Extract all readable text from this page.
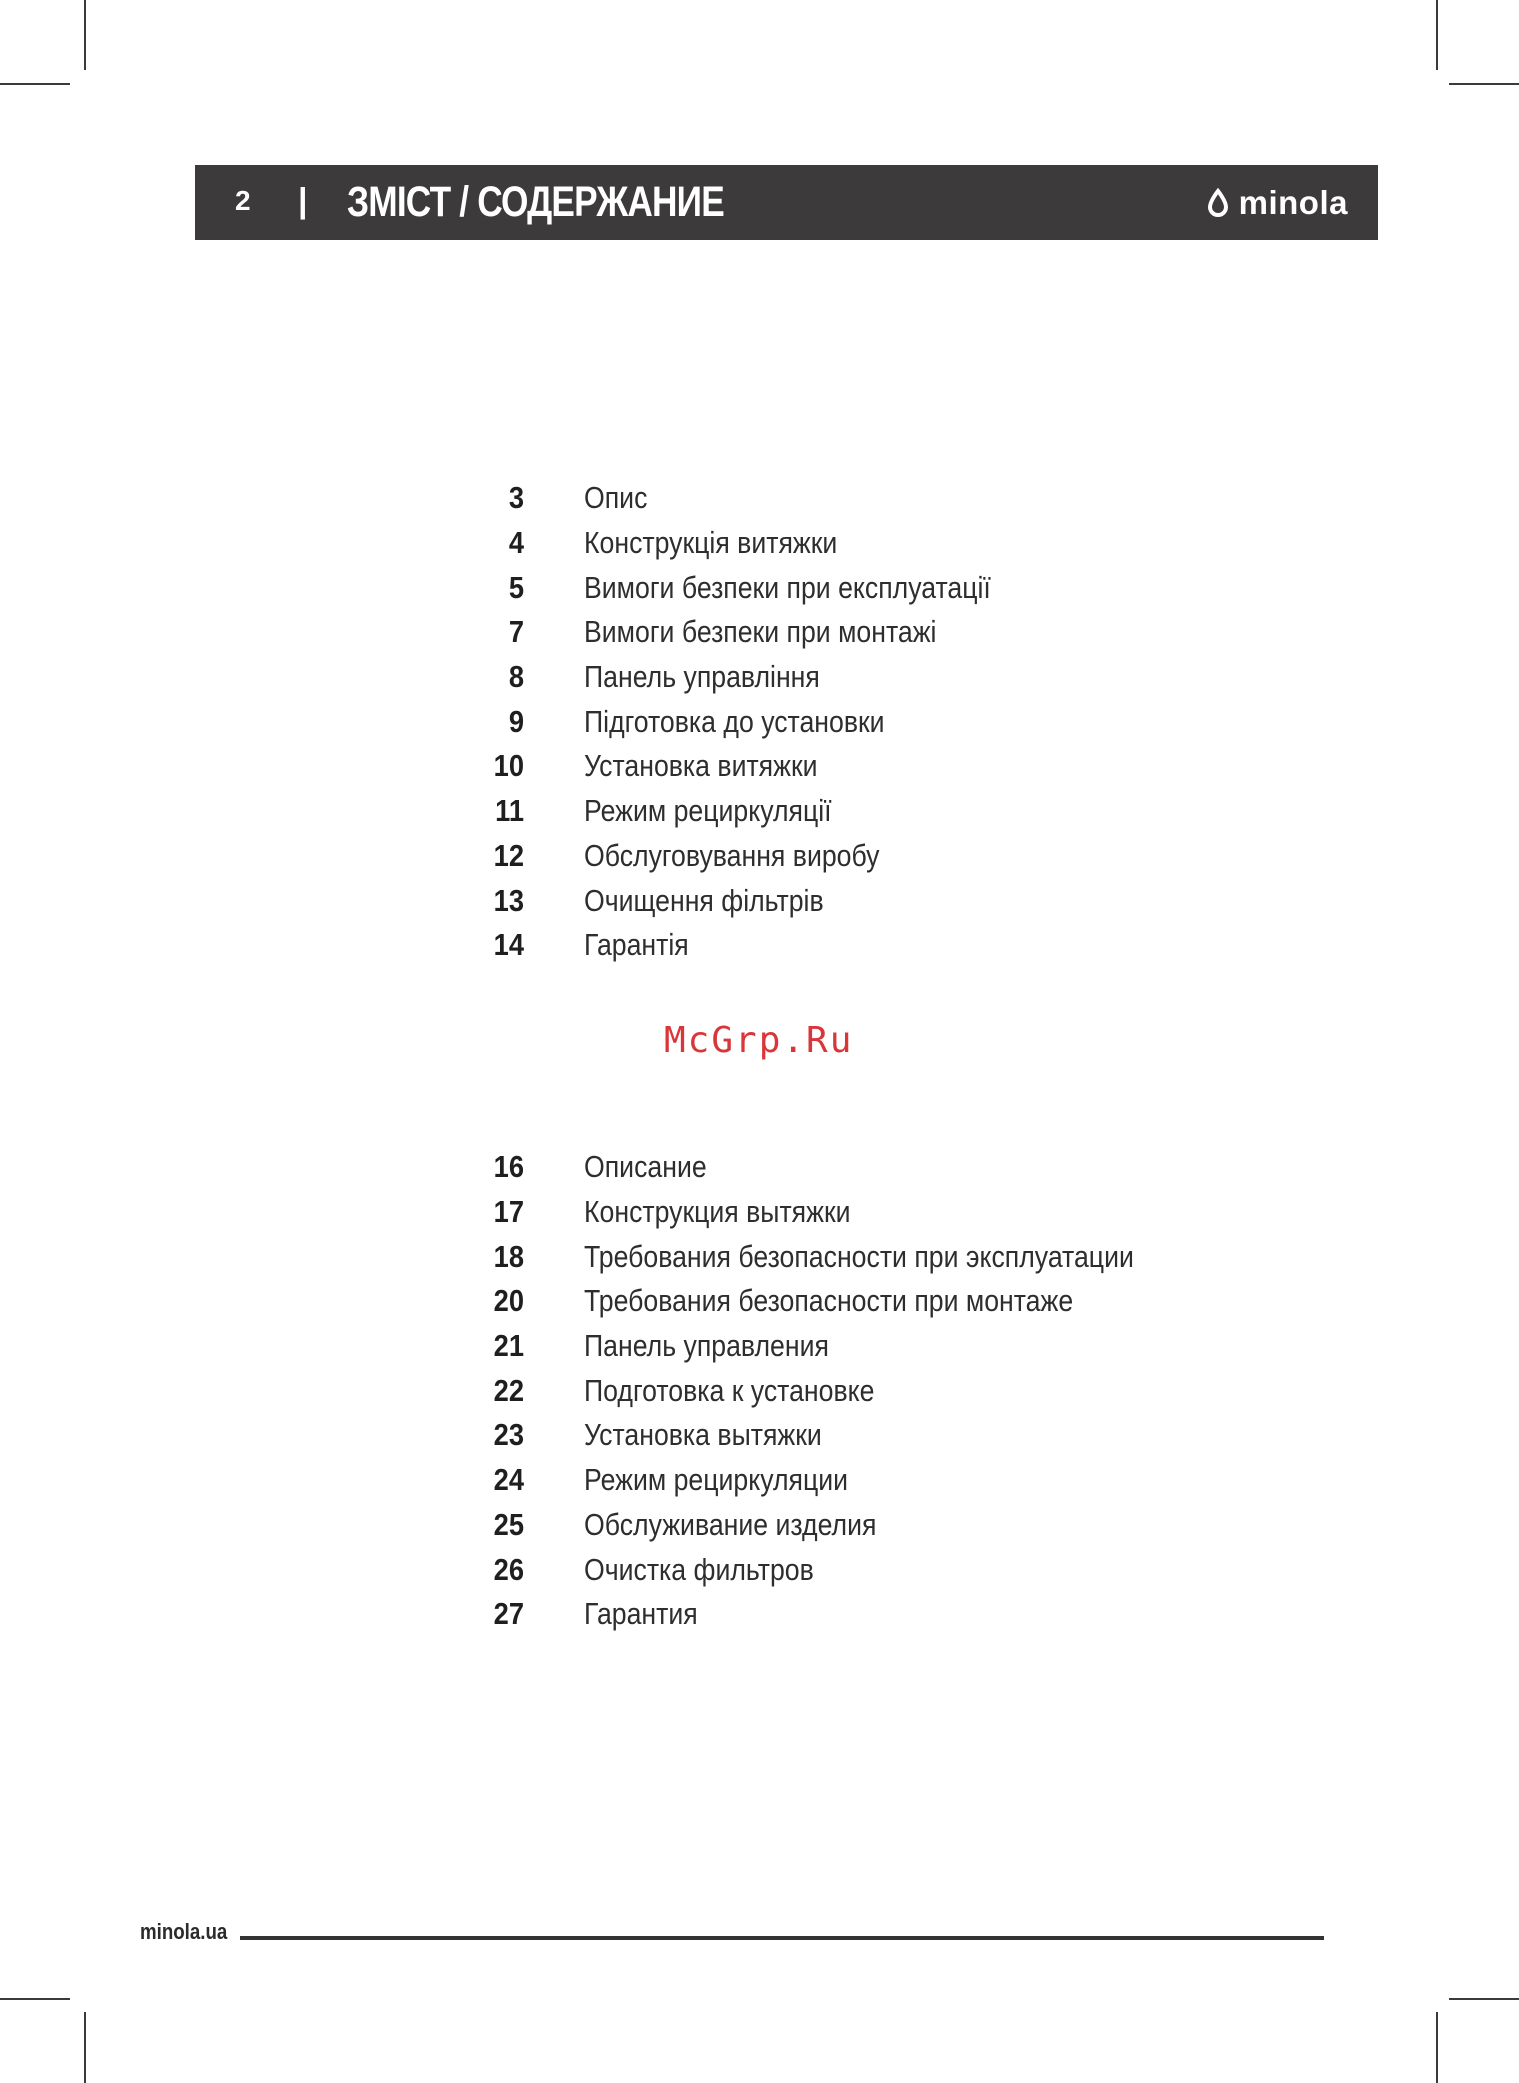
2 | ЗМІСТ / СОДЕРЖАНИЕ	minola
3 Опис
4 Конструкція витяжки
5 Вимоги безпеки при експлуатації
7 Вимоги безпеки при монтажі
8 Панель управління
9 Підготовка до установки
10 Установка витяжки
11 Режим рециркуляції
12 Обслуговування виробу
13 Очищення фільтрів
14 Гарантія
McGrp.Ru
16 Описание
17 Конструкция вытяжки
18 Требования безопасности при эксплуатации
20 Требования безопасности при монтаже
21 Панель управления
22 Подготовка к установке
23 Установка вытяжки
24 Режим рециркуляции
25 Обслуживание изделия
26 Очистка фильтров
27 Гарантия
minola.ua
